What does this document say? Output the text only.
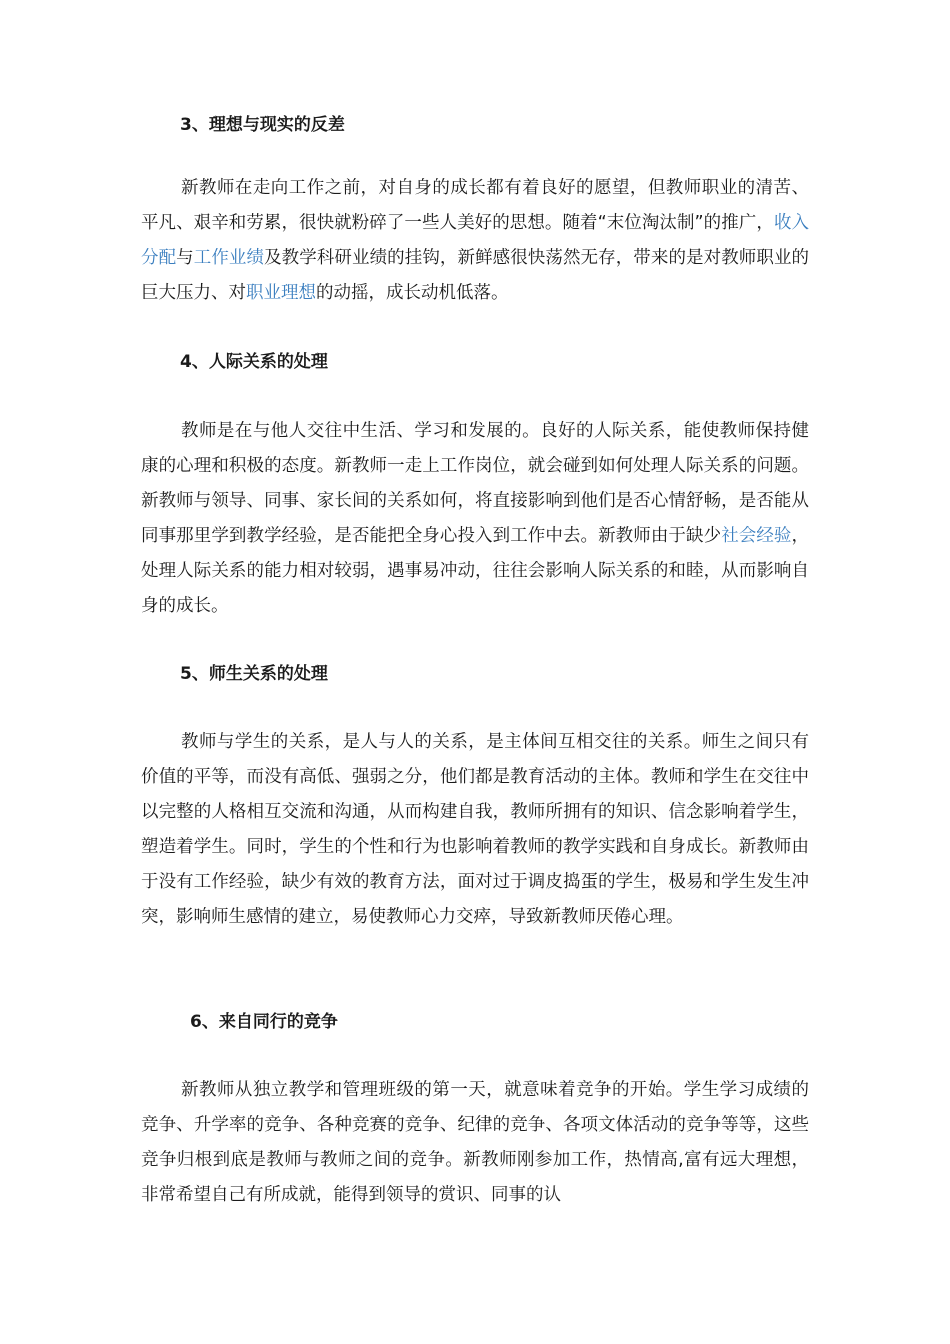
3、理想与现实的反差

新教师在走向工作之前，对自身的成长都有着良好的愿望，但教师职业的清苦、平凡、艰辛和劳累，很快就粉碎了一些人美好的思想。随着“末位淘汰制”的推广，收入分配与工作业绩及教学科研业绩的挂钩，新鲜感很快荡然无存，带来的是对教师职业的巨大压力、对职业理想的动摇，成长动机低落。

4、人际关系的处理

教师是在与他人交往中生活、学习和发展的。良好的人际关系，能使教师保持健康的心理和积极的态度。新教师一走上工作岗位，就会碰到如何处理人际关系的问题。新教师与领导、同事、家长间的关系如何，将直接影响到他们是否心情舒畅，是否能从同事那里学到教学经验，是否能把全身心投入到工作中去。新教师由于缺少社会经验，处理人际关系的能力相对较弱，遇事易冲动，往往会影响人际关系的和睦，从而影响自身的成长。

5、师生关系的处理

教师与学生的关系，是人与人的关系，是主体间互相交往的关系。师生之间只有价值的平等，而没有高低、强弱之分，他们都是教育活动的主体。教师和学生在交往中以完整的人格相互交流和沟通，从而构建自我，教师所拥有的知识、信念影响着学生，塑造着学生。同时，学生的个性和行为也影响着教师的教学实践和自身成长。新教师由于没有工作经验，缺少有效的教育方法，面对过于调皮捣蛋的学生，极易和学生发生冲突，影响师生感情的建立，易使教师心力交瘁，导致新教师厌倦心理。

6、来自同行的竞争

新教师从独立教学和管理班级的第一天，就意味着竞争的开始。学生学习成绩的竞争、升学率的竞争、各种竞赛的竞争、纪律的竞争、各项文体活动的竞争等等，这些竞争归根到底是教师与教师之间的竞争。新教师刚参加工作，热情高,富有远大理想，非常希望自己有所成就，能得到领导的赏识、同事的认
